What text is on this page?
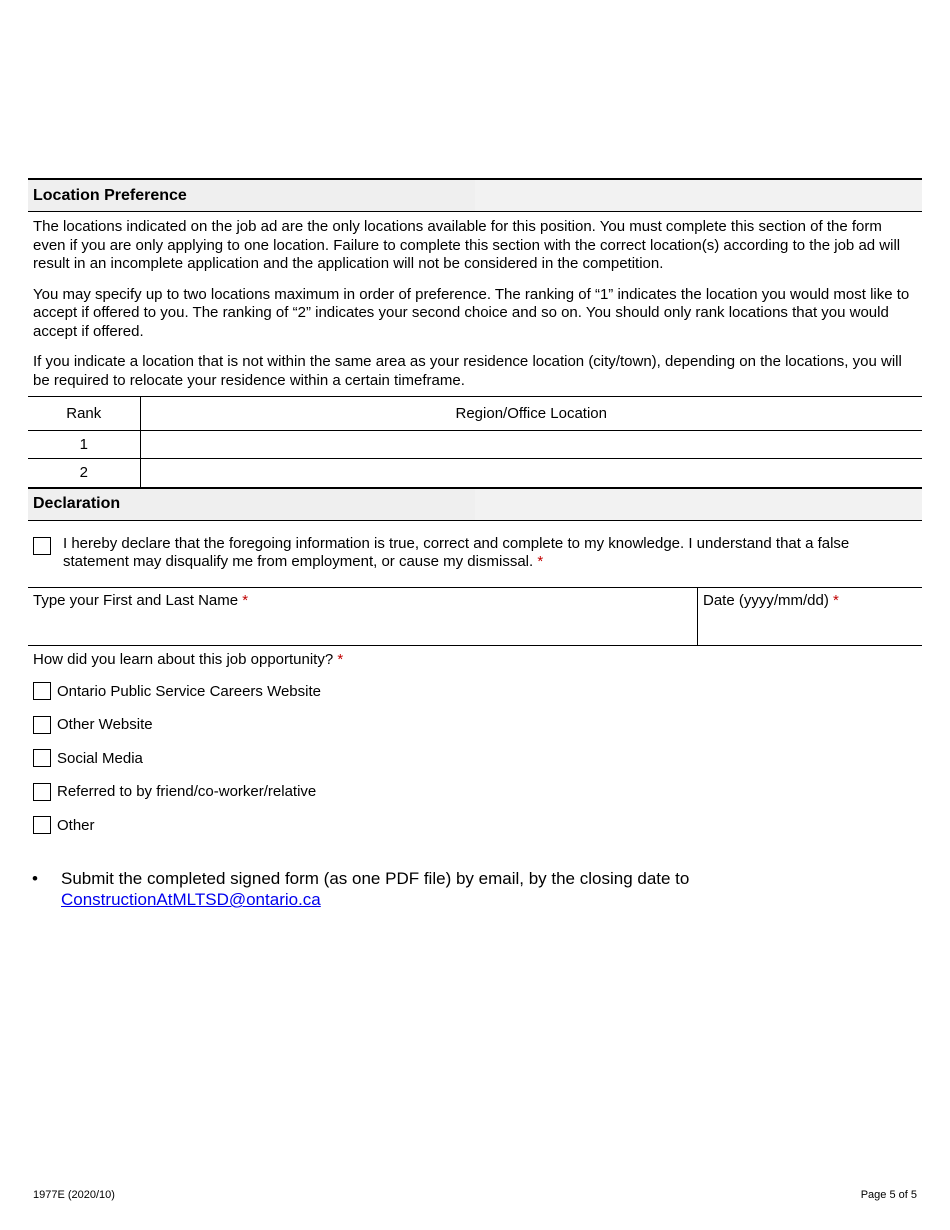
Location Preference

The locations indicated on the job ad are the only locations available for this position. You must complete this section of the form even if you are only applying to one location. Failure to complete this section with the correct location(s) according to the job ad will result in an incomplete application and the application will not be considered in the competition.

You may specify up to two locations maximum in order of preference. The ranking of “1” indicates the location you would most like to accept if offered to you. The ranking of “2” indicates your second choice and so on. You should only rank locations that you would accept if offered.

If you indicate a location that is not within the same area as your residence location (city/town), depending on the locations, you will be required to relocate your residence within a certain timeframe.

Rank	Region/Office Location
1	
2	
Declaration
I hereby declare that the foregoing information is true, correct and complete to my knowledge. I understand that a false statement may disqualify me from employment, or cause my dismissal. *
Type your First and Last Name *	Date (yyyy/mm/dd) *
How did you learn about this job opportunity? *
Ontario Public Service Careers Website
Other Website
Social Media
Referred to by friend/co-worker/relative
Other
•	Submit the completed signed form (as one PDF file) by email, by the closing date to
ConstructionAtMLTSD@ontario.ca
1977E (2020/10)	Page 5 of 5
